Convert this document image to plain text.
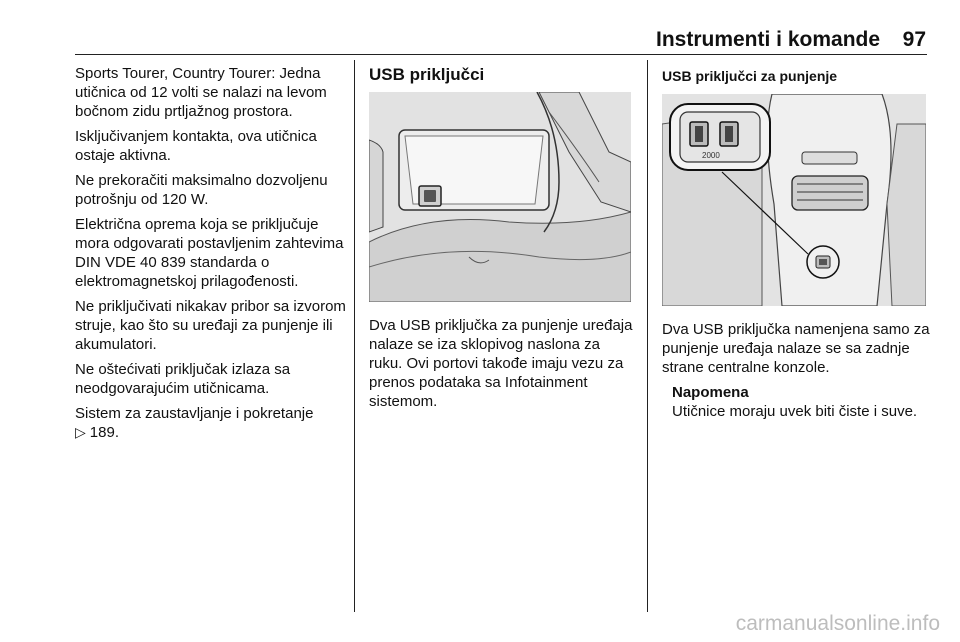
Instrumenti i komande	97

Sports Tourer, Country Tourer: Jedna utičnica od 12 volti se nalazi na levom bočnom zidu prtljažnog prostora.

Isključivanjem kontakta, ova utičnica ostaje aktivna.

Ne prekoračiti maksimalno dozvoljenu potrošnju od 120 W.

Električna oprema koja se priključuje mora odgovarati postavljenim zahtevima DIN VDE 40 839 standarda o elektromagnetskoj prilagođenosti.

Ne priključivati nikakav pribor sa izvorom struje, kao što su uređaji za punjenje ili akumulatori.

Ne oštećivati priključak izlaza sa neodgovarajućim utičnicama.

Sistem za zaustavljanje i pokretanje
▷ 189.

USB priključci

Dva USB priključka za punjenje uređaja nalaze se iza sklopivog naslona za ruku. Ovi portovi takođe imaju vezu za prenos podataka sa Infotainment sistemom.

USB priključci za punjenje
2000

Dva USB priključka namenjena samo za punjenje uređaja nalaze se sa zadnje strane centralne konzole.

Napomena
Utičnice moraju uvek biti čiste i suve.
carmanualsonline.info
